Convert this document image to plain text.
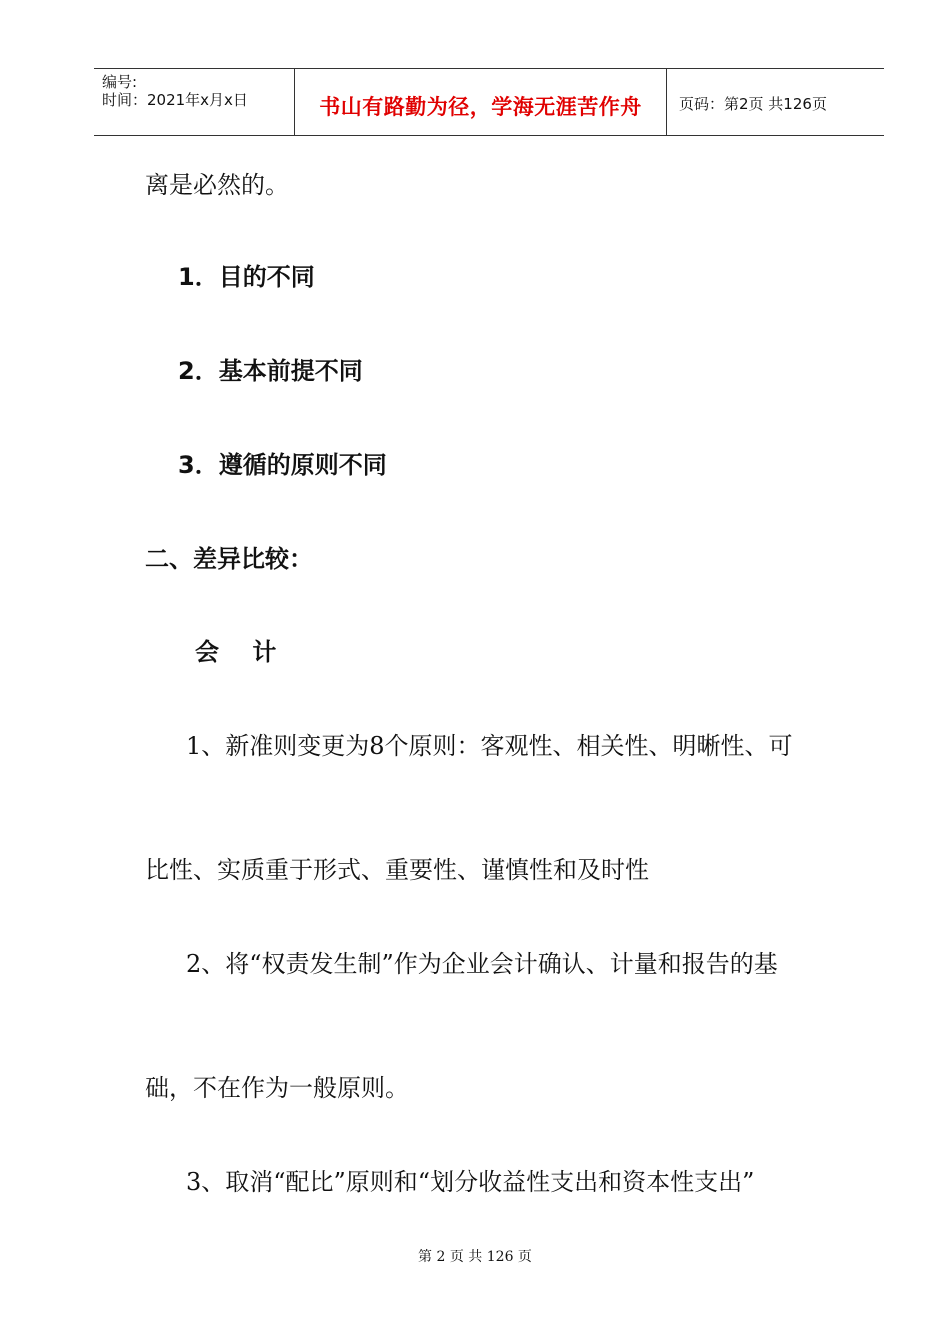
编号:
时间：2021年x月x日	书山有路勤为径，学海无涯苦作舟	页码：第2页 共126页
离是必然的。
1．目的不同
2．基本前提不同
3．遵循的原则不同
二、差异比较：
会    计
1、新准则变更为8个原则：客观性、相关性、明晰性、可
比性、实质重于形式、重要性、谨慎性和及时性
2、将“权责发生制”作为企业会计确认、计量和报告的基
础，不在作为一般原则。
3、取消“配比”原则和“划分收益性支出和资本性支出”
第 2 页 共 126 页
